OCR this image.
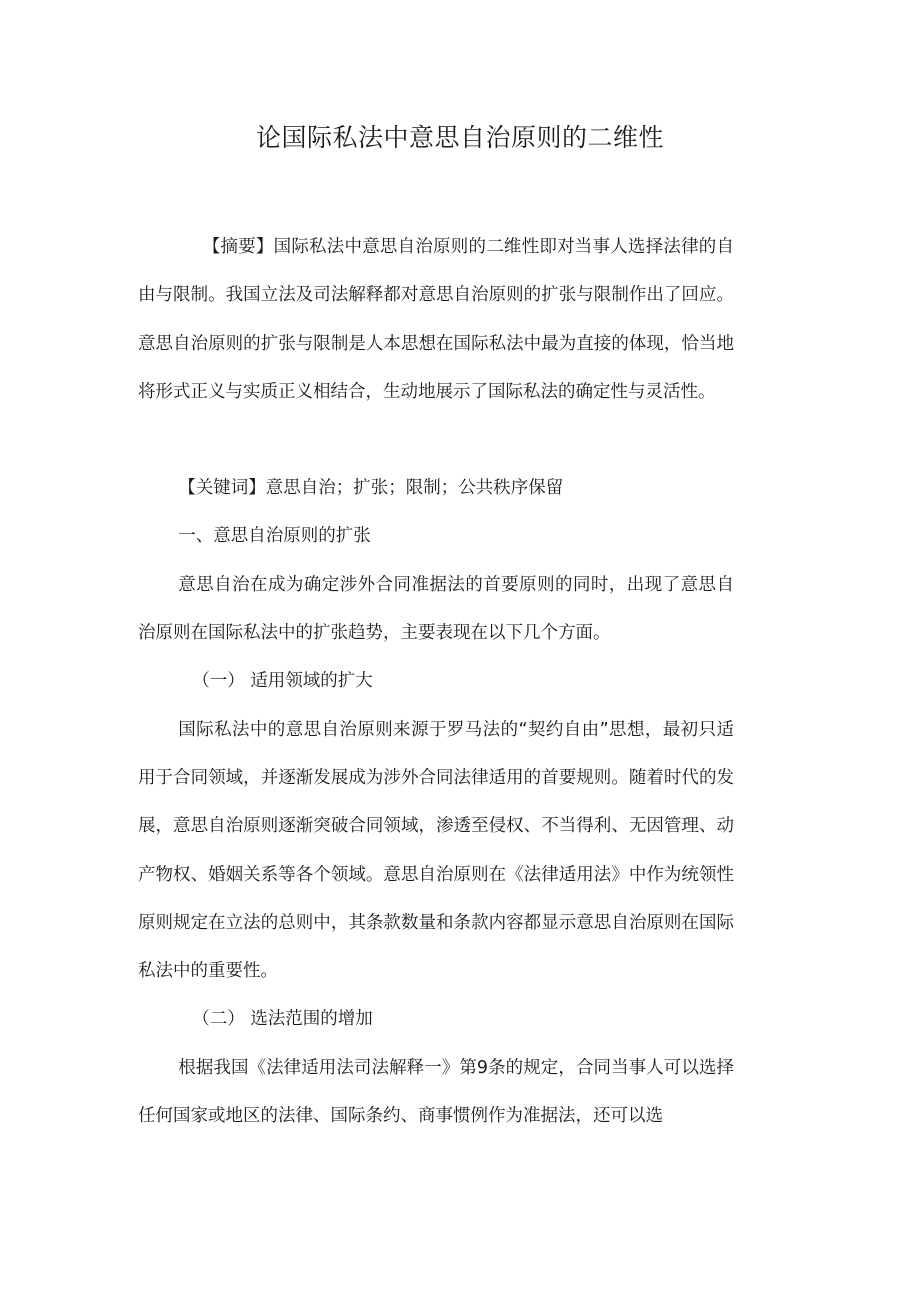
论国际私法中意思自治原则的二维性

【摘要】国际私法中意思自治原则的二维性即对当事人选择法律的自由与限制。我国立法及司法解释都对意思自治原则的扩张与限制作出了回应。意思自治原则的扩张与限制是人本思想在国际私法中最为直接的体现，恰当地将形式正义与实质正义相结合，生动地展示了国际私法的确定性与灵活性。

【关键词】意思自治；扩张；限制；公共秩序保留

一、意思自治原则的扩张

意思自治在成为确定涉外合同准据法的首要原则的同时，出现了意思自治原则在国际私法中的扩张趋势，主要表现在以下几个方面。

（一） 适用领域的扩大

国际私法中的意思自治原则来源于罗马法的“契约自由”思想，最初只适用于合同领域，并逐渐发展成为涉外合同法律适用的首要规则。随着时代的发展，意思自治原则逐渐突破合同领域，渗透至侵权、不当得利、无因管理、动产物权、婚姻关系等各个领域。意思自治原则在《法律适用法》中作为统领性原则规定在立法的总则中，其条款数量和条款内容都显示意思自治原则在国际私法中的重要性。

（二） 选法范围的增加

根据我国《法律适用法司法解释一》第9条的规定，合同当事人可以选择任何国家或地区的法律、国际条约、商事惯例作为准据法，还可以选
